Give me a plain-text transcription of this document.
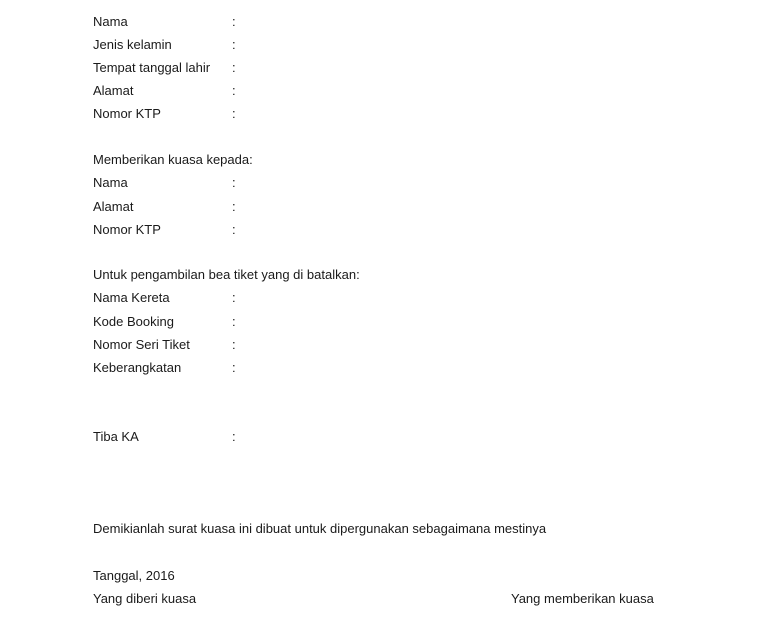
Nama	:
Jenis kelamin	:
Tempat tanggal lahir :
Alamat	:
Nomor KTP	:
Memberikan kuasa kepada:
Nama	:
Alamat	:
Nomor KTP	:
Untuk pengambilan bea tiket yang di batalkan:
Nama Kereta	:
Kode Booking	:
Nomor Seri Tiket	:
Keberangkatan	:
Tiba KA	:
Demikianlah surat kuasa ini dibuat untuk dipergunakan sebagaimana mestinya
Tanggal, 2016
Yang diberi kuasa	Yang memberikan kuasa
